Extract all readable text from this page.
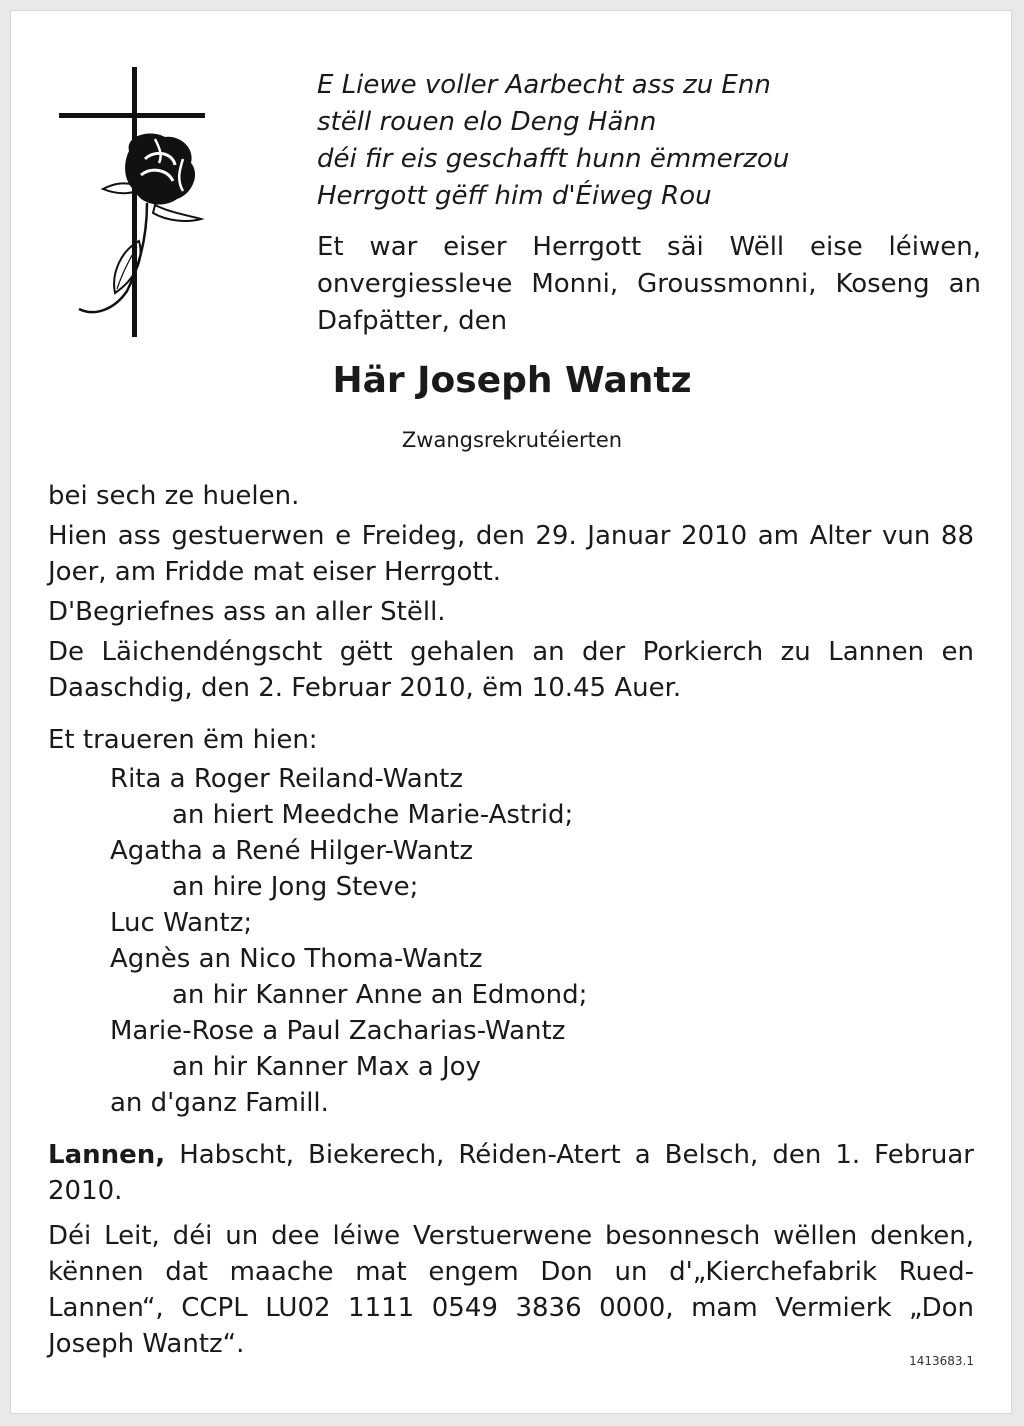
E Liewe voller Aarbecht ass zu Enn
stëll rouen elo Deng Hänn
déi fir eis geschafft hunn ëmmerzou
Herrgott gëff him d'Éiweg Rou
Et war eiser Herrgott säi Wëll eise léiwen, onvergiesslече Monni, Groussmonni, Koseng an Dafpätter, den
Här Joseph Wantz
Zwangsrekrutéierten

bei sech ze huelen.

Hien ass gestuerwen e Freideg, den 29. Januar 2010 am Alter vun 88 Joer, am Fridde mat eiser Herrgott.

D'Begriefnes ass an aller Stëll.

De Läichendéngscht gëtt gehalen an der Porkierch zu Lannen en Daaschdig, den 2. Februar 2010, ëm 10.45 Auer.

Et traueren ëm hien:

Rita a Roger Reiland-Wantz
an hiert Meedche Marie-Astrid;
Agatha a René Hilger-Wantz
an hire Jong Steve;
Luc Wantz;
Agnès an Nico Thoma-Wantz
an hir Kanner Anne an Edmond;
Marie-Rose a Paul Zacharias-Wantz
an hir Kanner Max a Joy
an d'ganz Famill.

Lannen, Habscht, Biekerech, Réiden-Atert a Belsch, den 1. Februar 2010.

Déi Leit, déi un dee léiwe Verstuerwene besonnesch wëllen denken, kënnen dat maache mat engem Don un d'„Kierchefabrik Rued-Lannen“, CCPL LU02 1111 0549 3836 0000, mam Vermierk „Don Joseph Wantz“.

1413683.1
